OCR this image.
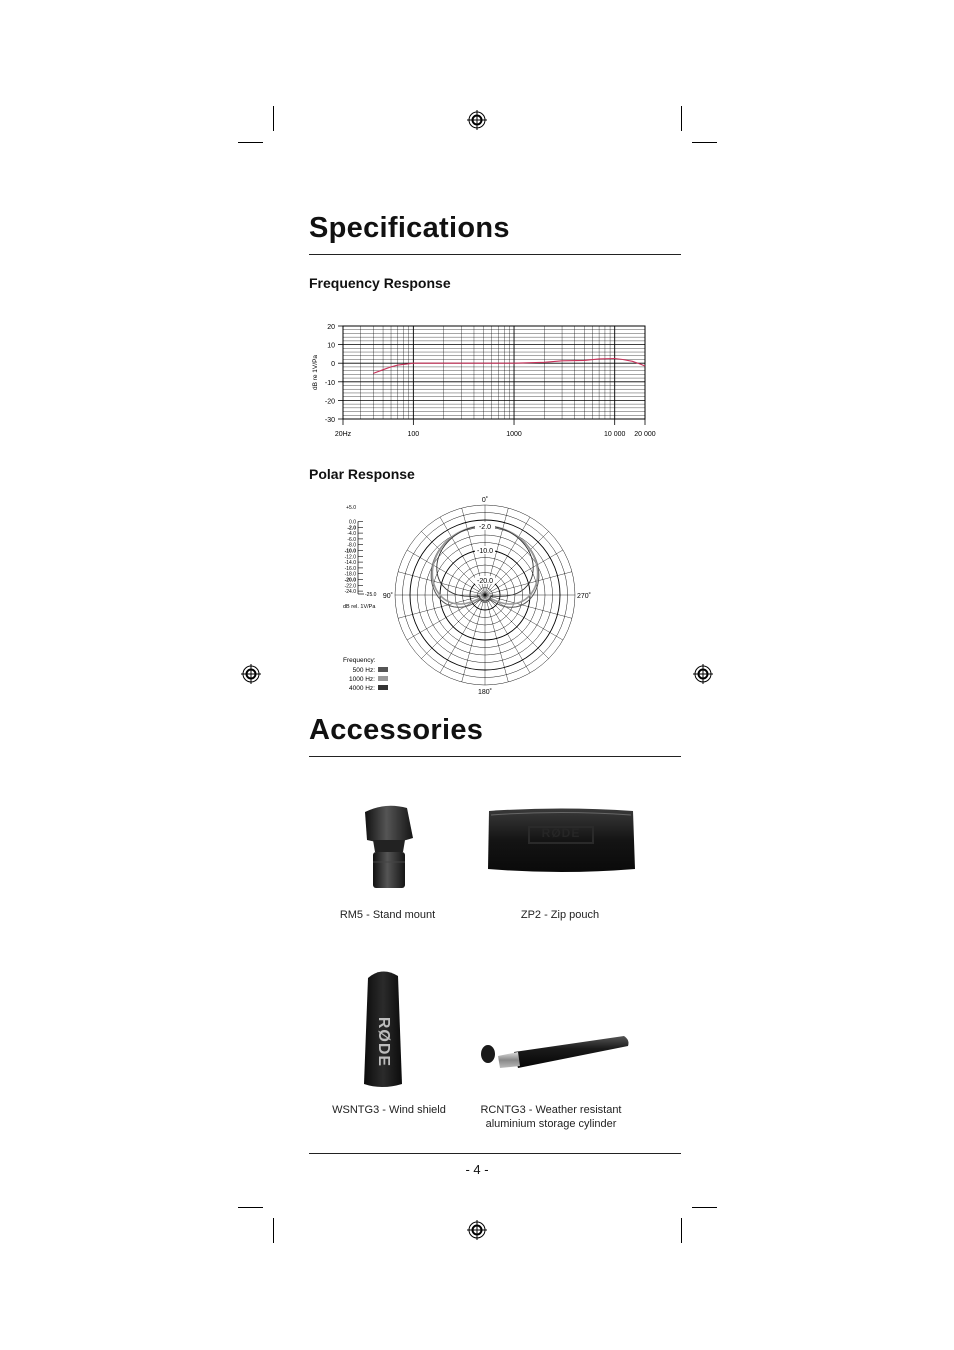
Specifications
Frequency Response
20
10
0
-10
-20
-30
20Hz	100	1000	10 000 20 000
dB re 1V/Pa
Polar Response
0˚
90˚
180˚
270˚
-2.0
-10.0
-20.0
+5.0
0.0
-2.0
-4.0
-6.0
-8.0
-10.0
-12.0
-14.0
-16.0
-18.0
-20.0
-22.0
-24.0 -25.0
dB rel. 1V/Pa
Frequency:
500 Hz:
1000 Hz:
4000 Hz:
Accessories
RØDE
RM5 - Stand mount	ZP2 - Zip pouch
RØDE
WSNTG3 - Wind shield	RCNTG3 - Weather resistant aluminium storage cylinder
- 4 -
